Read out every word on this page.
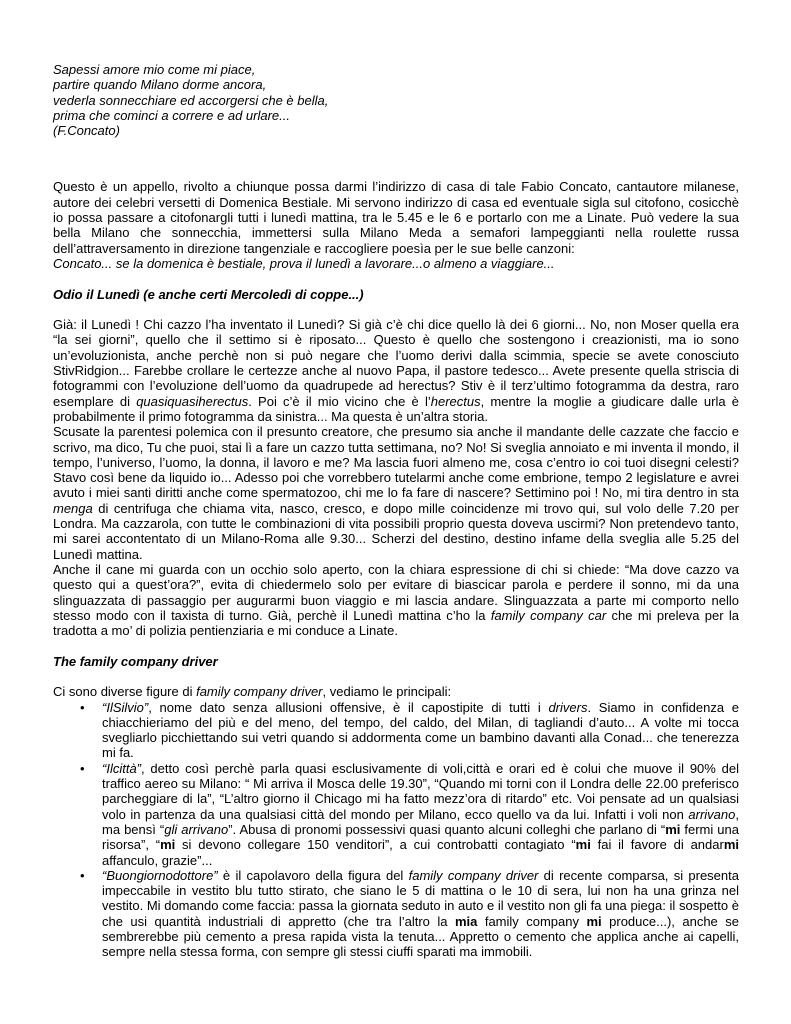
Sapessi amore mio come mi piace,

partire quando Milano dorme ancora,

vederla sonnecchiare ed accorgersi che è bella,

prima che cominci a correre e ad urlare...

(F.Concato)

Questo è un appello, rivolto a chiunque possa darmi l’indirizzo di casa di tale Fabio Concato, cantautore milanese, autore dei celebri versetti di Domenica Bestiale. Mi servono indirizzo di casa ed eventuale sigla sul citofono, cosicchè io possa passare a citofonargli tutti i lunedì mattina, tra le 5.45 e le 6 e portarlo con me a Linate. Può vedere la sua bella Milano che sonnecchia, immettersi sulla Milano Meda a semafori lampeggianti nella roulette russa dell’attraversamento in direzione tangenziale e raccogliere poesìa per le sue belle canzoni:

Concato... se la domenica è bestiale, prova il lunedì a lavorare...o almeno a viaggiare...

Odio il Lunedì (e anche certi Mercoledì di coppe...)

Già: il Lunedì ! Chi cazzo l’ha inventato il Lunedì? Si già c’è chi dice quello là dei 6 giorni... No, non Moser quella era “la sei giorni”, quello che il settimo si è riposato... Questo è quello che sostengono i creazionisti, ma io sono un’evoluzionista, anche perchè non si può negare che l’uomo derivi dalla scimmia, specie se avete conosciuto StivRidgion... Farebbe crollare le certezze anche al nuovo Papa, il pastore tedesco... Avete presente quella striscia di fotogrammi con l’evoluzione dell’uomo da quadrupede ad herectus? Stiv è il terz’ultimo fotogramma da destra, raro esemplare di quasiquasiherectus. Poi c’è il mio vicino che è l’herectus, mentre la moglie a giudicare dalle urla è probabilmente il primo fotogramma da sinistra... Ma questa è un’altra storia.

Scusate la parentesi polemica con il presunto creatore, che presumo sia anche il mandante delle cazzate che faccio e scrivo, ma dico, Tu che puoi, stai lì a fare un cazzo tutta settimana, no? No! Si sveglia annoiato e mi inventa il mondo, il tempo, l’universo, l’uomo, la donna, il lavoro e me? Ma lascia fuori almeno me, cosa c’entro io coi tuoi disegni celesti? Stavo così bene da liquido io... Adesso poi che vorrebbero tutelarmi anche come embrione, tempo 2 legislature e avrei avuto i miei santi diritti anche come spermatozoo, chi me lo fa fare di nascere? Settimino poi ! No, mi tira dentro in sta menga di centrifuga che chiama vita, nasco, cresco, e dopo mille coincidenze mi trovo qui, sul volo delle 7.20 per Londra. Ma cazzarola, con tutte le combinazioni di vita possibili proprio questa doveva uscirmi? Non pretendevo tanto, mi sarei accontentato di un Milano-Roma alle 9.30... Scherzi del destino, destino infame della sveglia alle 5.25 del Lunedì mattina.

Anche il cane mi guarda con un occhio solo aperto, con la chiara espressione di chi si chiede: “Ma dove cazzo va questo qui a quest’ora?”, evita di chiedermelo solo per evitare di biascicar parola e perdere il sonno, mi da una slinguazzata di passaggio per augurarmi buon viaggio e mi lascia andare. Slinguazzata a parte mi comporto nello stesso modo con il taxista di turno. Già, perchè il Lunedì mattina c’ho la family company car che mi preleva per la tradotta a mo’ di polizia pentienziaria e mi conduce a Linate.

The family company driver

Ci sono diverse figure di family company driver, vediamo le principali:

• “IlSilvio”, nome dato senza allusioni offensive, è il capostipite di tutti i drivers. Siamo in confidenza e chiacchieriamo del più e del meno, del tempo, del caldo, del Milan, di tagliandi d’auto... A volte mi tocca svegliarlo picchiettando sui vetri quando si addormenta come un bambino davanti alla Conad... che tenerezza mi fa.
• “Ilcittà”, detto così perchè parla quasi esclusivamente di voli,città e orari ed è colui che muove il 90% del traffico aereo su Milano: “ Mi arriva il Mosca delle 19.30”, “Quando mi torni con il Londra delle 22.00 preferisco parcheggiare di la”, “L’altro giorno il Chicago mi ha fatto mezz’ora di ritardo” etc. Voi pensate ad un qualsiasi volo in partenza da una qualsiasi città del mondo per Milano, ecco quello va da lui. Infatti i voli non arrivano, ma bensì “gli arrivano”. Abusa di pronomi possessivi quasi quanto alcuni colleghi che parlano di “mi fermi una risorsa”, “mi si devono collegare 150 venditori”, a cui controbatti contagiato “mi fai il favore di andarmi affanculo, grazie”...
• “Buongiornodottore” è il capolavoro della figura del family company driver di recente comparsa, si presenta impeccabile in vestito blu tutto stirato, che siano le 5 di mattina o le 10 di sera, lui non ha una grinza nel vestito. Mi domando come faccia: passa la giornata seduto in auto e il vestito non gli fa una piega: il sospetto è che usi quantità industriali di appretto (che tra l’altro la mia family company mi produce...), anche se sembrerebbe più cemento a presa rapida vista la tenuta... Appretto o cemento che applica anche ai capelli, sempre nella stessa forma, con sempre gli stessi ciuffi sparati ma immobili.
